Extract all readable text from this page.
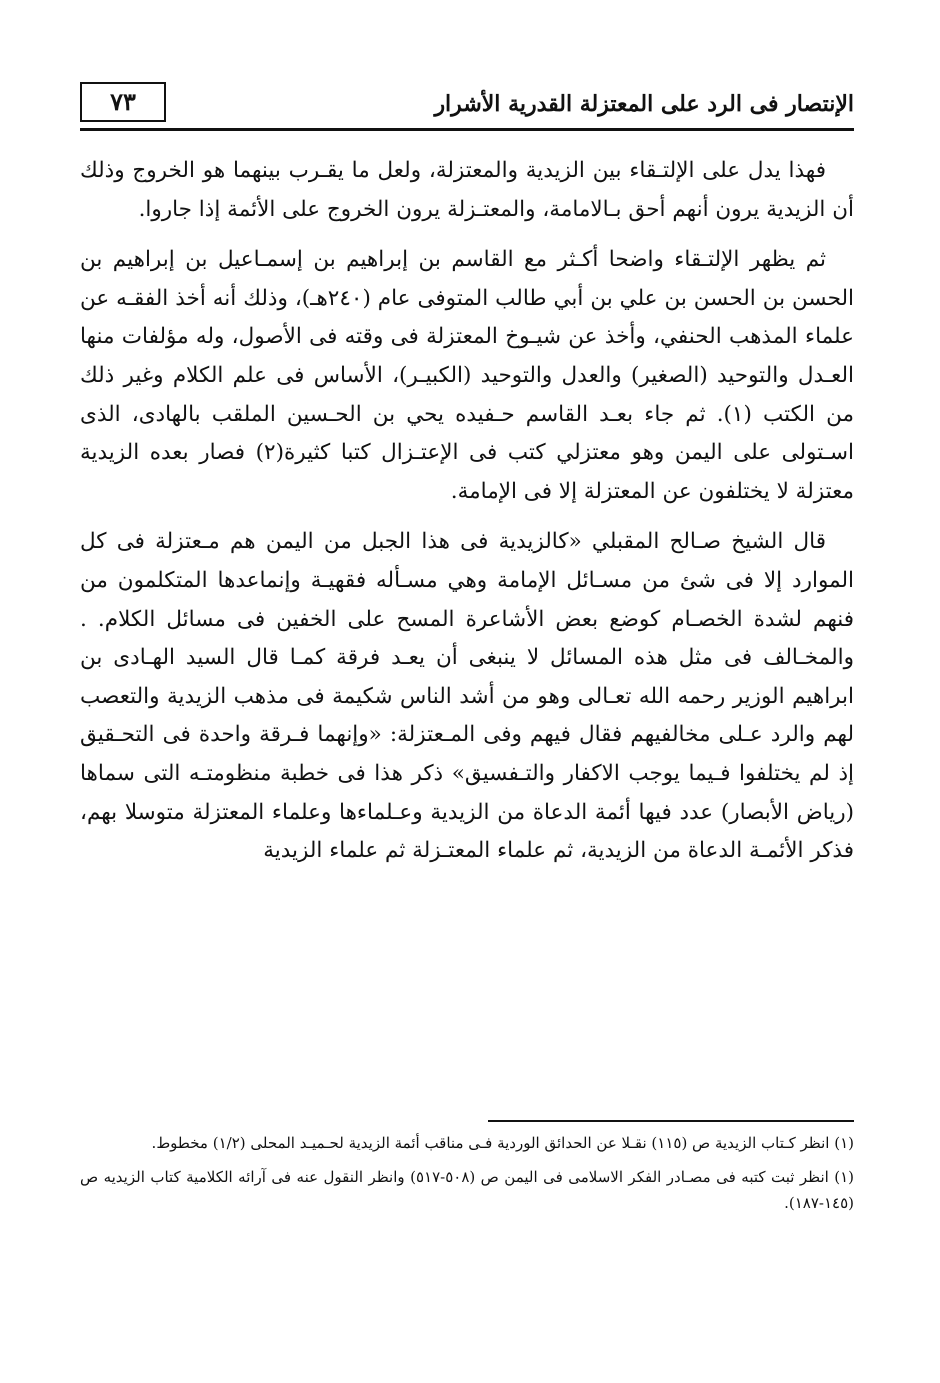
الإنتصار فى الرد على المعتزلة القدرية الأشرار
٧٣

فهذا يدل على الإلتـقاء بين الزيدية والمعتزلة، ولعل ما يقـرب بينهما هو الخروج وذلك أن الزيدية يرون أنهم أحق بـالامامة، والمعتـزلة يرون الخروج على الأئمة إذا جاروا.

ثم يظهر الإلتـقاء واضحا أكـثر مع القاسم بن إبراهيم بن إسمـاعيل بن إبراهيم بن الحسن بن الحسن بن علي بن أبي طالب المتوفى عام (٢٤٠هـ)، وذلك أنه أخذ الفقـه عن علماء المذهب الحنفي، وأخذ عن شيـوخ المعتزلة فى وقته فى الأصول، وله مؤلفات منها العـدل والتوحيد (الصغير) والعدل والتوحيد (الكبيـر)، الأساس فى علم الكلام وغير ذلك من الكتب (١). ثم جاء بعـد القاسم حـفيده يحي بن الحـسين الملقب بالهادى، الذى اسـتولى على اليمن وهو معتزلي كتب فى الإعتـزال كتبا كثيرة(٢) فصار بعده الزيدية معتزلة لا يختلفون عن المعتزلة إلا فى الإمامة.

قال الشيخ صـالح المقبلي «كالزيدية فى هذا الجبل من اليمن هم مـعتزلة فى كل الموارد إلا فى شئ من مسـائل الإمامة وهي مسـأله فقهيـة وإنماعدها المتكلمون من فنهم لشدة الخصـام كوضع بعض الأشاعرة المسح على الخفين فى مسائل الكلام. . والمخـالف فى مثل هذه المسائل لا ينبغى أن يعـد فرقة كمـا قال السيد الهـادى بن ابراهيم الوزير رحمه الله تعـالى وهو من أشد الناس شكيمة فى مذهب الزيدية والتعصب لهم والرد عـلى مخالفيهم فقال فيهم وفى المـعتزلة: «وإنهما فـرقة واحدة فى التحـقيق إذ لم يختلفوا فـيما يوجب الاكفار والتـفسيق» ذكر هذا فى خطبة منظومتـه التى سماها (رياض الأبصار) عدد فيها أئمة الدعاة من الزيدية وعـلماءها وعلماء المعتزلة متوسلا بهم، فذكر الأئمـة الدعاة من الزيدية، ثم علماء المعتـزلة ثم علماء الزيدية

(١) انظر كـتاب الزيدية ص (١١٥) نقـلا عن الحدائق الوردية فـى مناقب أئمة الزيدية لحـميـد المحلى (١/٢) مخطوط.

(١) انظر ثبت كتبه فى مصـادر الفكر الاسلامى فى اليمن ص (٥٠٨-٥١٧) وانظر النقول عنه فى آرائه الكلامية كتاب الزيديه ص (١٤٥-١٨٧).
